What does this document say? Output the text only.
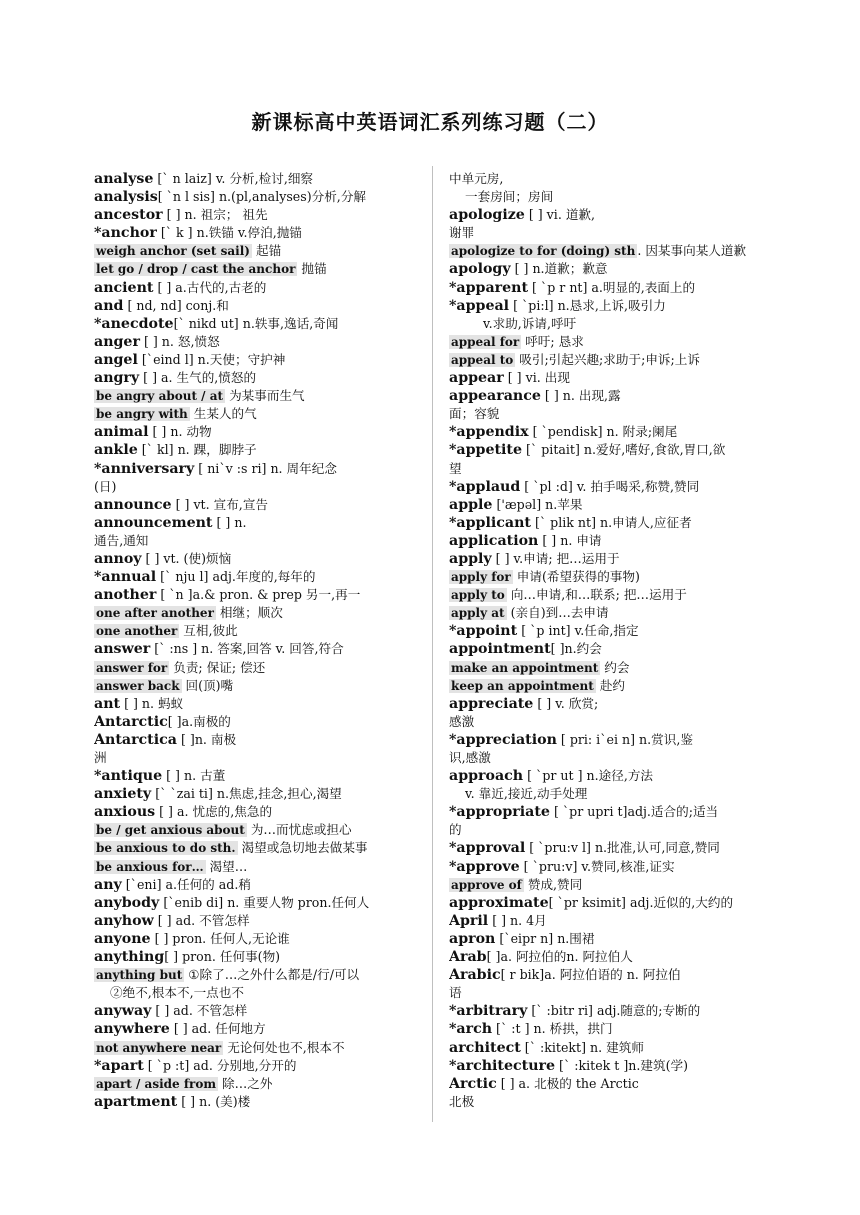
新课标高中英语词汇系列练习题（二）
analyse [` n laiz] v. 分析,检讨,细察
analysis[ `n l sis] n.(pl,analyses)分析,分解
ancestor [ ] n. 祖宗； 祖先
*anchor [` k ] n.铁锚 v.停泊,抛锚
weigh anchor (set sail) 起锚
let go / drop / cast the anchor 抛锚
ancient [ ] a.古代的,古老的
and [ nd, nd] conj.和
*anecdote[` nikd ut] n.轶事,逸话,奇闻
anger [ ] n. 怒,愤怒
angel [`eind l] n.天使；守护神
angry [ ] a. 生气的,愤怒的
be angry about / at 为某事而生气
be angry with 生某人的气
animal [ ] n. 动物
ankle [` kl] n. 踝，脚脖子
*anniversary [ ni`v :s ri] n. 周年纪念
(日)
announce [ ] vt. 宣布,宣告
announcement [ ] n.
通告,通知
annoy [ ] vt. (使)烦恼
*annual [` nju l] adj.年度的,每年的
another [ `n ]a.& pron. & prep 另一,再一
one after another 相继；顺次
one another 互相,彼此
answer [` :ns ] n. 答案,回答 v. 回答,符合
answer for 负责; 保证; 偿还
answer back 回(顶)嘴
ant [ ] n. 蚂蚁
Antarctic[ ]a.南极的
Antarctica [ ]n. 南极
洲
*antique [ ] n. 古董
anxiety [` `zai ti] n.焦虑,挂念,担心,渴望
anxious [ ] a. 忧虑的,焦急的
be / get anxious about 为…而忧虑或担心
be anxious to do sth. 渴望或急切地去做某事
be anxious for… 渴望…
any [`eni] a.任何的 ad.稍
anybody [`enib di] n. 重要人物 pron.任何人
anyhow [ ] ad. 不管怎样
anyone [ ] pron. 任何人,无论谁
anything[ ] pron. 任何事(物)
anything but ①除了…之外什么都是/行/可以
②绝不,根本不,一点也不
anyway [ ] ad. 不管怎样
anywhere [ ] ad. 任何地方
not anywhere near 无论何处也不,根本不
*apart [ `p :t] ad. 分别地,分开的
apart / aside from 除…之外
apartment [ ] n. (美)楼
中单元房,
一套房间；房间
apologize [ ] vi. 道歉,
谢罪
apologize to for (doing) sth . 因某事向某人道歉
apology [ ] n.道歉；歉意
*apparent [ `p r nt] a.明显的,表面上的
*appeal [ `pi:l] n.恳求,上诉,吸引力
v.求助,诉请,呼吁
appeal for 呼吁; 恳求
appeal to 吸引;引起兴趣;求助于;申诉;上诉
appear [ ] vi. 出现
appearance [ ] n. 出现,露
面；容貌
*appendix [ `pendisk] n. 附录;阑尾
*appetite [` pitait] n.爱好,嗜好,食欲,胃口,欲
望
*applaud [ `pl :d] v. 拍手喝采,称赞,赞同
apple ['æpəl] n.苹果
*applicant [` plik nt] n.申请人,应征者
application [ ] n. 申请
apply [ ] v.申请; 把…运用于
apply for 申请(希望获得的事物)
apply to 向…申请,和…联系; 把…运用于
apply at (亲自)到…去申请
*appoint [ `p int] v.任命,指定
appointment[ ]n.约会
make an appointment 约会
keep an appointment 赴约
appreciate [ ] v. 欣赏;
感激
*appreciation [ pri: i`ei n] n.赏识,鉴
识,感激
approach [ `pr ut ] n.途径,方法
v. 靠近,接近,动手处理
*appropriate [ `pr upri t]adj.适合的;适当
的
*approval [ `pru:v l] n.批准,认可,同意,赞同
*approve [ `pru:v] v.赞同,核准,证实
approve of 赞成,赞同
approximate[ `pr ksimit] adj.近似的,大约的
April [ ] n. 4月
apron [`eipr n] n.围裙
Arab[ ]a. 阿拉伯的n. 阿拉伯人
Arabic[ r bik]a. 阿拉伯语的 n. 阿拉伯
语
*arbitrary [` :bitr ri] adj.随意的;专断的
*arch [` :t ] n. 桥拱，拱门
architect [` :kitekt] n. 建筑师
*architecture [` :kitek t ]n.建筑(学)
Arctic [ ] a. 北极的 the Arctic
北极
